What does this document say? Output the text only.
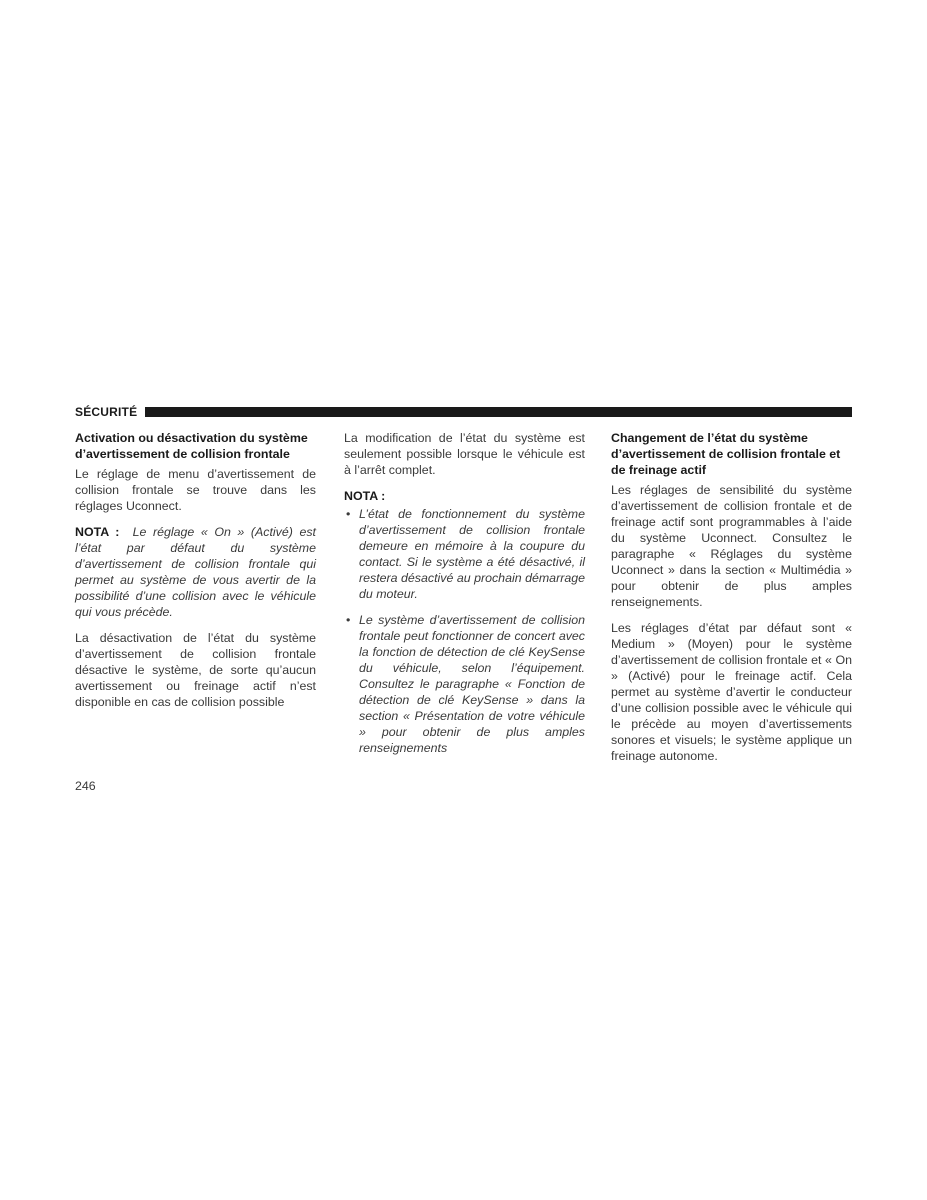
SÉCURITÉ
Activation ou désactivation du système d’avertissement de collision frontale

Le réglage de menu d’avertissement de collision frontale se trouve dans les réglages Uconnect.

NOTA : Le réglage « On » (Activé) est l’état par défaut du système d’avertissement de collision frontale qui permet au système de vous avertir de la possibilité d’une collision avec le véhicule qui vous précède.

La désactivation de l’état du système d’avertissement de collision frontale désactive le système, de sorte qu’aucun avertissement ou freinage actif n’est disponible en cas de collision possible

La modification de l’état du système est seulement possible lorsque le véhicule est à l’arrêt complet.

NOTA :
• L’état de fonctionnement du système d’avertissement de collision frontale demeure en mémoire à la coupure du contact. Si le système a été désactivé, il restera désactivé au prochain démarrage du moteur.
• Le système d’avertissement de collision frontale peut fonctionner de concert avec la fonction de détection de clé KeySense du véhicule, selon l’équipement. Consultez le paragraphe « Fonction de détection de clé KeySense » dans la section « Présentation de votre véhicule » pour obtenir de plus amples renseignements
Changement de l’état du système d’avertissement de collision frontale et de freinage actif

Les réglages de sensibilité du système d’avertissement de collision frontale et de freinage actif sont programmables à l’aide du système Uconnect. Consultez le paragraphe « Réglages du système Uconnect » dans la section « Multimédia » pour obtenir de plus amples renseignements.

Les réglages d’état par défaut sont « Medium » (Moyen) pour le système d’avertissement de collision frontale et « On » (Activé) pour le freinage actif. Cela permet au système d’avertir le conducteur d’une collision possible avec le véhicule qui le précède au moyen d’avertissements sonores et visuels; le système applique un freinage autonome.

246
